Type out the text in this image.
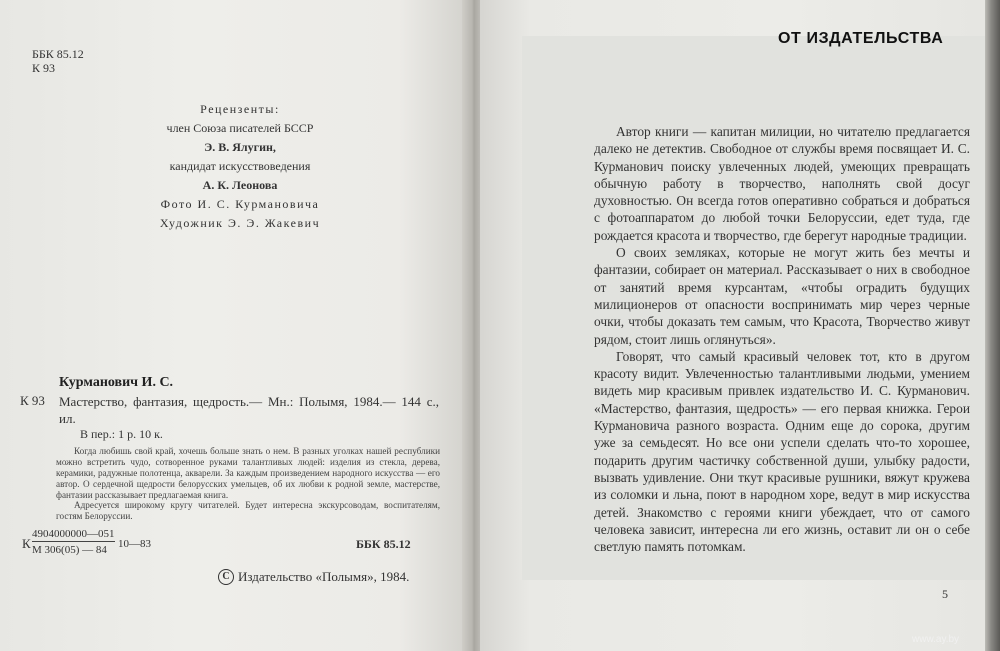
ББК 85.12
К 93
Рецензенты:
член Союза писателей БССР
Э. В. Ялугин,
кандидат искусствоведения
А. К. Леонова
Фото И. С. Курмановича
Художник Э. Э. Жакевич
Курманович И. С.
К 93 Мастерство, фантазия, щедрость.— Мн.: Полымя, 1984.— 144 с., ил.
В пер.: 1 р. 10 к.

Когда любишь свой край, хочешь больше знать о нем. В разных уголках нашей республики можно встретить чудо, сотворенное руками талантливых людей: изделия из стекла, дерева, керамики, радужные полотенца, акварели. За каждым произведением народного искусства — его автор. О сердечной щедрости белорусских умельцев, об их любви к родной земле, мастерстве, фантазии рассказывает предлагаемая книга.

Адресуется широкому кругу читателей. Будет интересна экскурсоводам, воспитателям, гостям Белоруссии.

К
4904000000—051
М 306(05) — 84 10—83	ББК 85.12
С Издательство «Полымя», 1984.
ОТ ИЗДАТЕЛЬСТВА

Автор книги — капитан милиции, но читателю предлагается далеко не детектив. Свободное от службы время посвящает И. С. Курманович поиску увлеченных людей, умеющих превращать обычную работу в творчество, наполнять свой досуг духовностью. Он всегда готов оперативно собраться и добраться с фотоаппаратом до любой точки Белоруссии, едет туда, где рождается красота и творчество, где берегут народные традиции.

О своих земляках, которые не могут жить без мечты и фантазии, собирает он материал. Рассказывает о них в свободное от занятий время курсантам, «чтобы оградить будущих милиционеров от опасности воспринимать мир через черные очки, чтобы доказать тем самым, что Красота, Творчество живут рядом, стоит лишь оглянуться».

Говорят, что самый красивый человек тот, кто в другом красоту видит. Увлеченностью талантливыми людьми, умением видеть мир красивым привлек издательство И. С. Курманович. «Мастерство, фантазия, щедрость» — его первая книжка. Герои Курмановича разного возраста. Одним еще до сорока, другим уже за семьдесят. Но все они успели сделать что-то хорошее, подарить другим частичку собственной души, улыбку радости, вызвать удивление. Они ткут красивые рушники, вяжут кружева из соломки и льна, поют в народном хоре, ведут в мир искусства детей. Знакомство с героями книги убеждает, что от самого человека зависит, интересна ли его жизнь, оставит ли он о себе светлую память потомкам.

5
www.ay.by
